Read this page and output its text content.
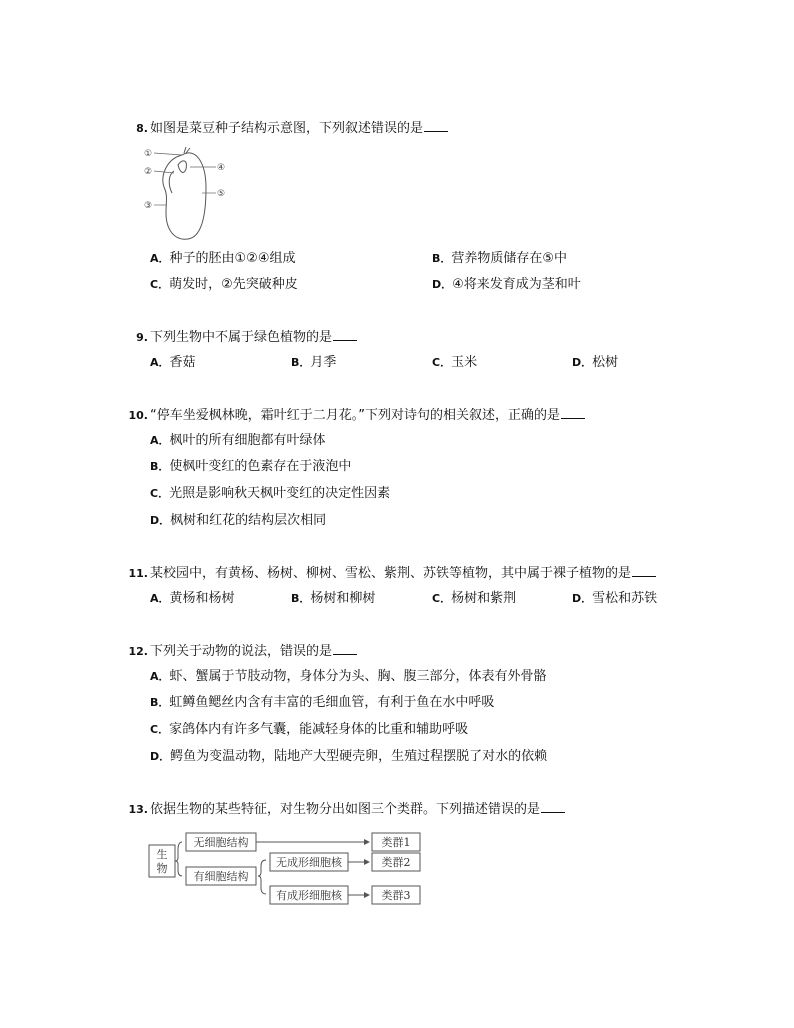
8. 如图是菜豆种子结构示意图，下列叙述错误的是
①
②
③
④
⑤
A．种子的胚由①②④组成	B．营养物质储存在⑤中
C．萌发时，②先突破种皮	D．④将来发育成为茎和叶
9. 下列生物中不属于绿色植物的是
A．香菇	B．月季	C．玉米	D．松树
10. “停车坐爱枫林晚，霜叶红于二月花。”下列对诗句的相关叙述，正确的是
A．枫叶的所有细胞都有叶绿体
B．使枫叶变红的色素存在于液泡中
C．光照是影响秋天枫叶变红的决定性因素
D．枫树和红花的结构层次相同
11. 某校园中，有黄杨、杨树、柳树、雪松、紫荆、苏铁等植物，其中属于裸子植物的是
A．黄杨和杨树	B．杨树和柳树	C．杨树和紫荆	D．雪松和苏铁
12. 下列关于动物的说法，错误的是
A．虾、蟹属于节肢动物，身体分为头、胸、腹三部分，体表有外骨骼
B．虹鳟鱼鳃丝内含有丰富的毛细血管，有利于鱼在水中呼吸
C．家鸽体内有许多气囊，能减轻身体的比重和辅助呼吸
D．鳄鱼为变温动物，陆地产大型硬壳卵，生殖过程摆脱了对水的依赖
13. 依据生物的某些特征，对生物分出如图三个类群。下列描述错误的是
生
物
无细胞结构
有细胞结构
无成形细胞核
有成形细胞核
类群1
类群2
类群3
